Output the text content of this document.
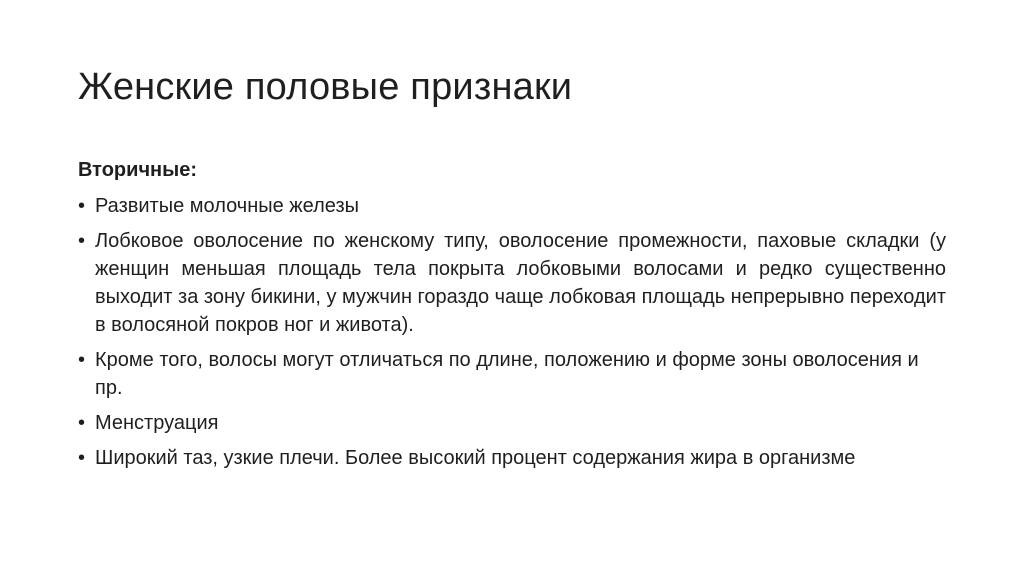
Женские половые признаки
Вторичные:
• Развитые молочные железы
• Лобковое оволосение по женскому типу, оволосение промежности, паховые складки (у женщин меньшая площадь тела покрыта лобковыми волосами и редко существенно выходит за зону бикини, у мужчин гораздо чаще лобковая площадь непрерывно переходит в волосяной покров ног и живота).
• Кроме того, волосы могут отличаться по длине, положению и форме зоны оволосения и пр.
• Менструация
• Широкий таз, узкие плечи. Более высокий процент содержания жира в организме
